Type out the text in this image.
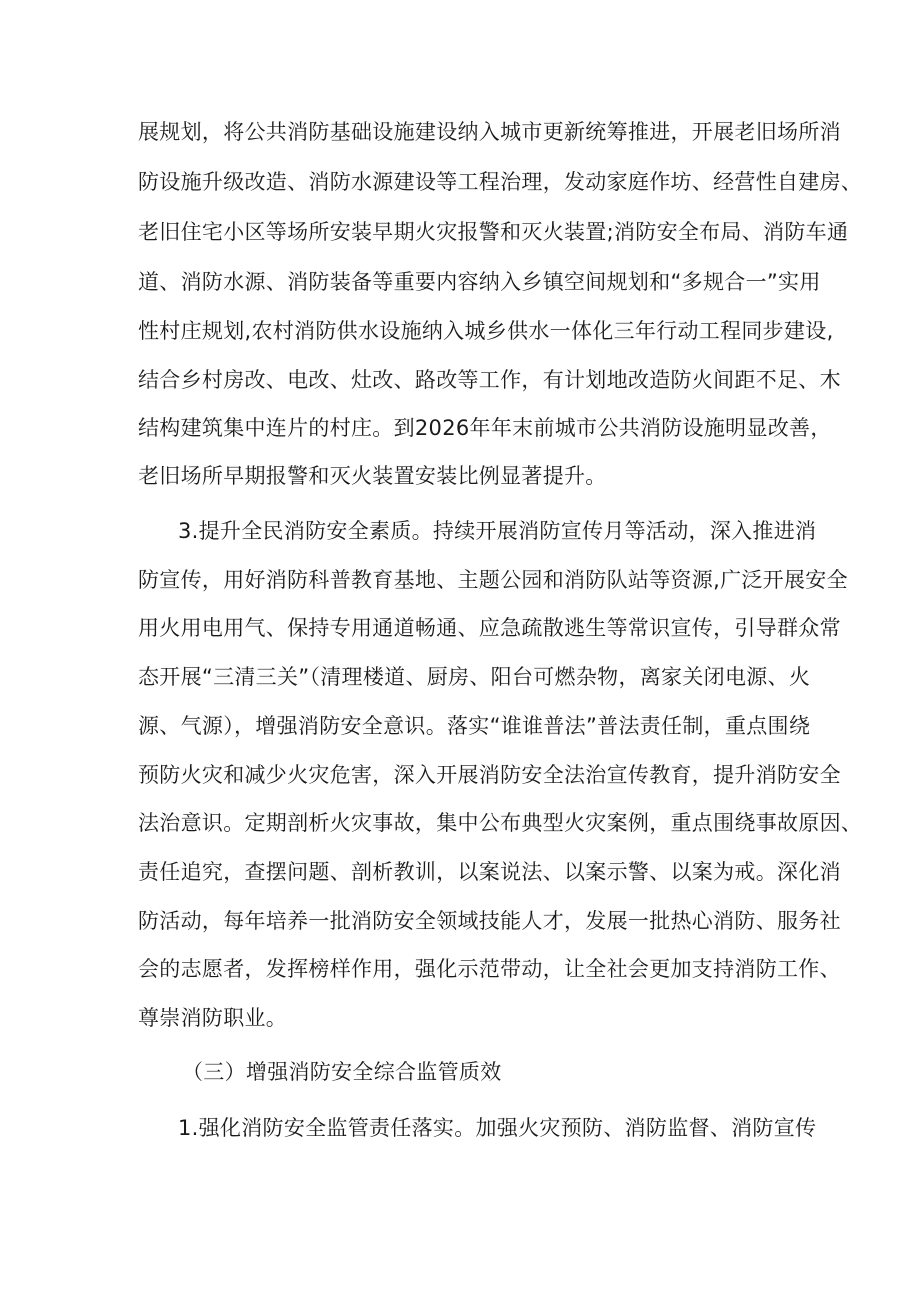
展规划，将公共消防基础设施建设纳入城市更新统筹推进，开展老旧场所消
防设施升级改造、消防水源建设等工程治理，发动家庭作坊、经营性自建房、
老旧住宅小区等场所安装早期火灾报警和灭火装置;消防安全布局、消防车通
道、消防水源、消防装备等重要内容纳入乡镇空间规划和“多规合一”实用
性村庄规划,农村消防供水设施纳入城乡供水一体化三年行动工程同步建设,
结合乡村房改、电改、灶改、路改等工作，有计划地改造防火间距不足、木
结构建筑集中连片的村庄。到2026年年末前城市公共消防设施明显改善，
老旧场所早期报警和灭火装置安装比例显著提升。
3.提升全民消防安全素质。持续开展消防宣传月等活动，深入推进消
防宣传，用好消防科普教育基地、主题公园和消防队站等资源,广泛开展安全
用火用电用气、保持专用通道畅通、应急疏散逃生等常识宣传，引导群众常
态开展“三清三关”（清理楼道、厨房、阳台可燃杂物，离家关闭电源、火
源、气源），增强消防安全意识。落实“谁谁普法”普法责任制，重点围绕
预防火灾和减少火灾危害，深入开展消防安全法治宣传教育，提升消防安全
法治意识。定期剖析火灾事故，集中公布典型火灾案例，重点围绕事故原因、
责任追究，查摆问题、剖析教训，以案说法、以案示警、以案为戒。深化消
防活动，每年培养一批消防安全领域技能人才，发展一批热心消防、服务社
会的志愿者，发挥榜样作用，强化示范带动，让全社会更加支持消防工作、
尊崇消防职业。
（三）增强消防安全综合监管质效
1.强化消防安全监管责任落实。加强火灾预防、消防监督、消防宣传
